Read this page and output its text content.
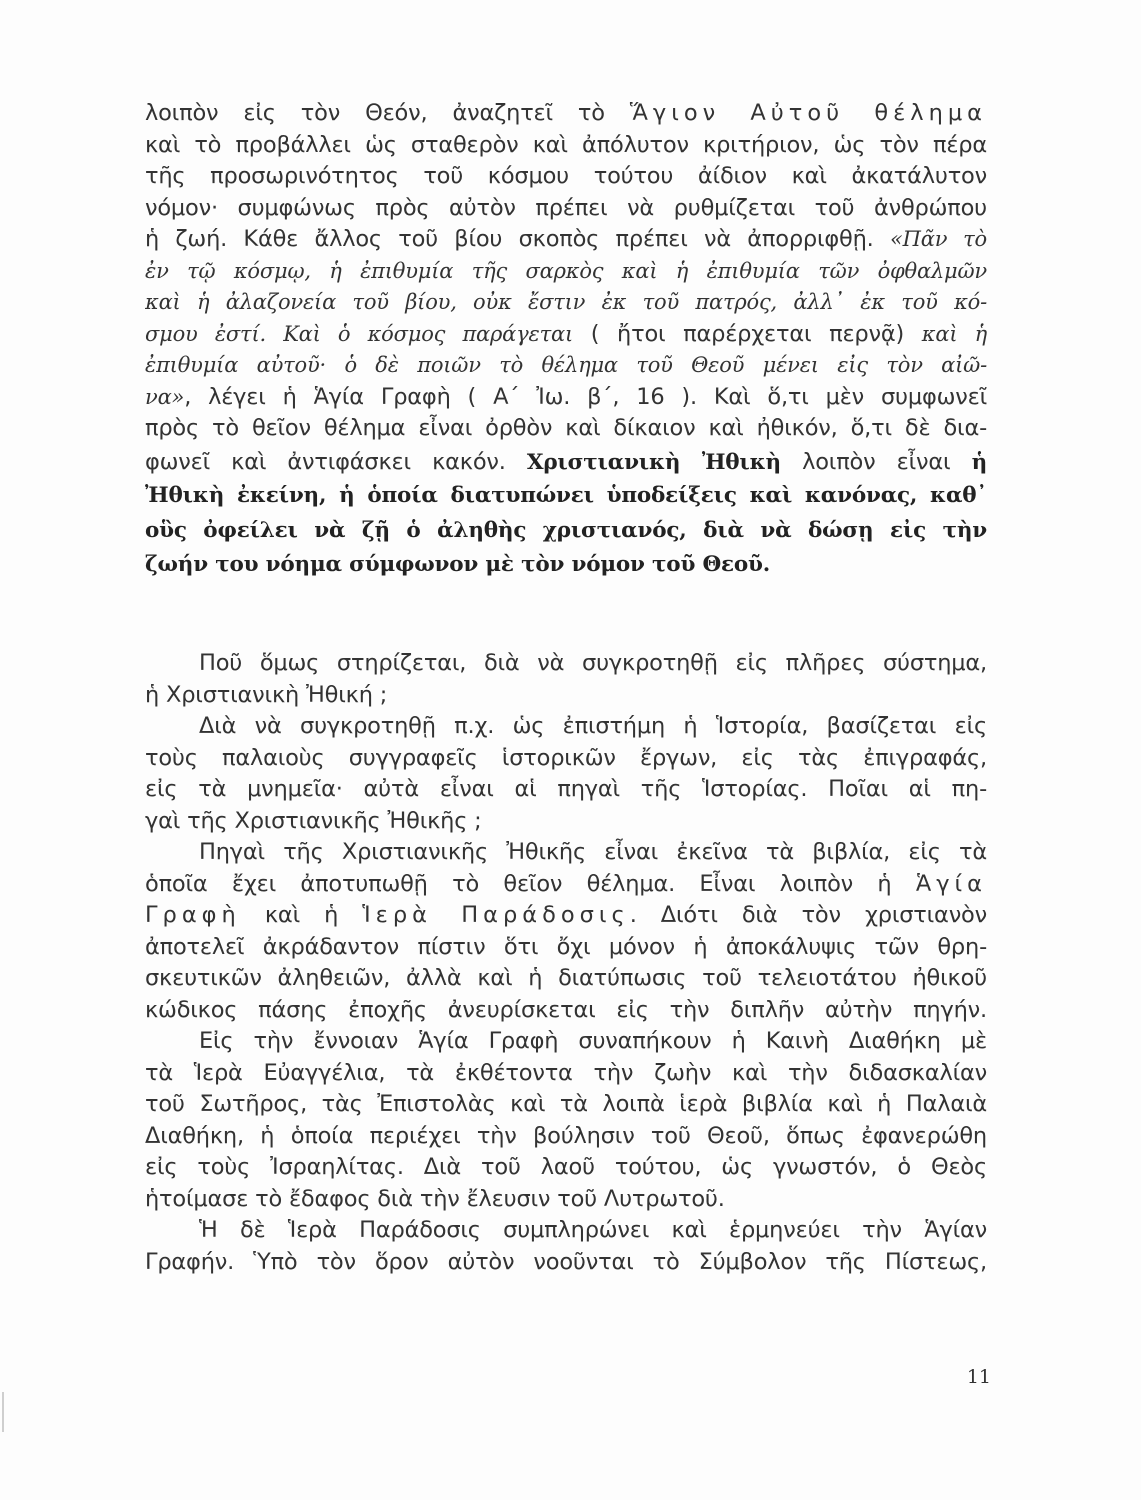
λοιπὸν εἰς τὸν Θεόν, ἀναζητεῖ τὸ Ἅγιον Αὐτοῦ θέλημα
καὶ τὸ προβάλλει ὡς σταθερὸν καὶ ἀπόλυτον κριτήριον, ὡς τὸν πέρα
τῆς προσωρινότητος τοῦ κόσμου τούτου ἀίδιον καὶ ἀκατάλυτον
νόμον· συμφώνως πρὸς αὐτὸν πρέπει νὰ ρυθμίζεται τοῦ ἀνθρώπου
ἡ ζωή. Κάθε ἄλλος τοῦ βίου σκοπὸς πρέπει νὰ ἀπορριφθῇ. «Πᾶν τὸ
ἐν τῷ κόσμῳ, ἡ ἐπιθυμία τῆς σαρκὸς καὶ ἡ ἐπιθυμία τῶν ὀφθαλμῶν
καὶ ἡ ἀλαζονεία τοῦ βίου, οὐκ ἔστιν ἐκ τοῦ πατρός, ἀλλ᾽ ἐκ τοῦ κό-
σμου ἐστί. Καὶ ὁ κόσμος παράγεται ( ἤτοι παρέρχεται περνᾷ) καὶ ἡ
ἐπιθυμία αὐτοῦ· ὁ δὲ ποιῶν τὸ θέλημα τοῦ Θεοῦ μένει εἰς τὸν αἰῶ-
να», λέγει ἡ Ἁγία Γραφὴ ( Α΄ Ἰω. β΄, 16 ). Καὶ ὅ,τι μὲν συμφωνεῖ
πρὸς τὸ θεῖον θέλημα εἶναι ὀρθὸν καὶ δίκαιον καὶ ἠθικόν, ὅ,τι δὲ δια-
φωνεῖ καὶ ἀντιφάσκει κακόν. Χριστιανικὴ Ἠθικὴ λοιπὸν εἶναι ἡ
Ἠθικὴ ἐκείνη, ἡ ὁποία διατυπώνει ὑποδείξεις καὶ κανόνας, καθ᾽
οὓς ὀφείλει νὰ ζῇ ὁ ἀληθὴς χριστιανός, διὰ νὰ δώσῃ εἰς τὴν
ζωήν του νόημα σύμφωνον μὲ τὸν νόμον τοῦ Θεοῦ.
Ποῦ ὅμως στηρίζεται, διὰ νὰ συγκροτηθῇ εἰς πλῆρες σύστημα,
ἡ Χριστιανικὴ Ἠθική ;
Διὰ νὰ συγκροτηθῇ π.χ. ὡς ἐπιστήμη ἡ Ἱστορία, βασίζεται εἰς
τοὺς παλαιοὺς συγγραφεῖς ἱστορικῶν ἔργων, εἰς τὰς ἐπιγραφάς,
εἰς τὰ μνημεῖα· αὐτὰ εἶναι αἱ πηγαὶ τῆς Ἱστορίας. Ποῖαι αἱ πη-
γαὶ τῆς Χριστιανικῆς Ἠθικῆς ;
Πηγαὶ τῆς Χριστιανικῆς Ἠθικῆς εἶναι ἐκεῖνα τὰ βιβλία, εἰς τὰ
ὁποῖα ἔχει ἀποτυπωθῇ τὸ θεῖον θέλημα. Εἶναι λοιπὸν ἡ Ἁγία
Γραφὴ καὶ ἡ Ἱερὰ Παράδοσις. Διότι διὰ τὸν χριστιανὸν
ἀποτελεῖ ἀκράδαντον πίστιν ὅτι ὄχι μόνον ἡ ἀποκάλυψις τῶν θρη-
σκευτικῶν ἀληθειῶν, ἀλλὰ καὶ ἡ διατύπωσις τοῦ τελειοτάτου ἠθικοῦ
κώδικος πάσης ἐποχῆς ἀνευρίσκεται εἰς τὴν διπλῆν αὐτὴν πηγήν.
Εἰς τὴν ἔννοιαν Ἁγία Γραφὴ συναπήκουν ἡ Καινὴ Διαθήκη μὲ
τὰ Ἱερὰ Εὐαγγέλια, τὰ ἐκθέτοντα τὴν ζωὴν καὶ τὴν διδασκαλίαν
τοῦ Σωτῆρος, τὰς Ἐπιστολὰς καὶ τὰ λοιπὰ ἱερὰ βιβλία καὶ ἡ Παλαιὰ
Διαθήκη, ἡ ὁποία περιέχει τὴν βούλησιν τοῦ Θεοῦ, ὅπως ἐφανερώθη
εἰς τοὺς Ἰσραηλίτας. Διὰ τοῦ λαοῦ τούτου, ὡς γνωστόν, ὁ Θεὸς
ἡτοίμασε τὸ ἔδαφος διὰ τὴν ἔλευσιν τοῦ Λυτρωτοῦ.
Ἡ δὲ Ἱερὰ Παράδοσις συμπληρώνει καὶ ἑρμηνεύει τὴν Ἁγίαν
Γραφήν. Ὑπὸ τὸν ὅρον αὐτὸν νοοῦνται τὸ Σύμβολον τῆς Πίστεως,
11
